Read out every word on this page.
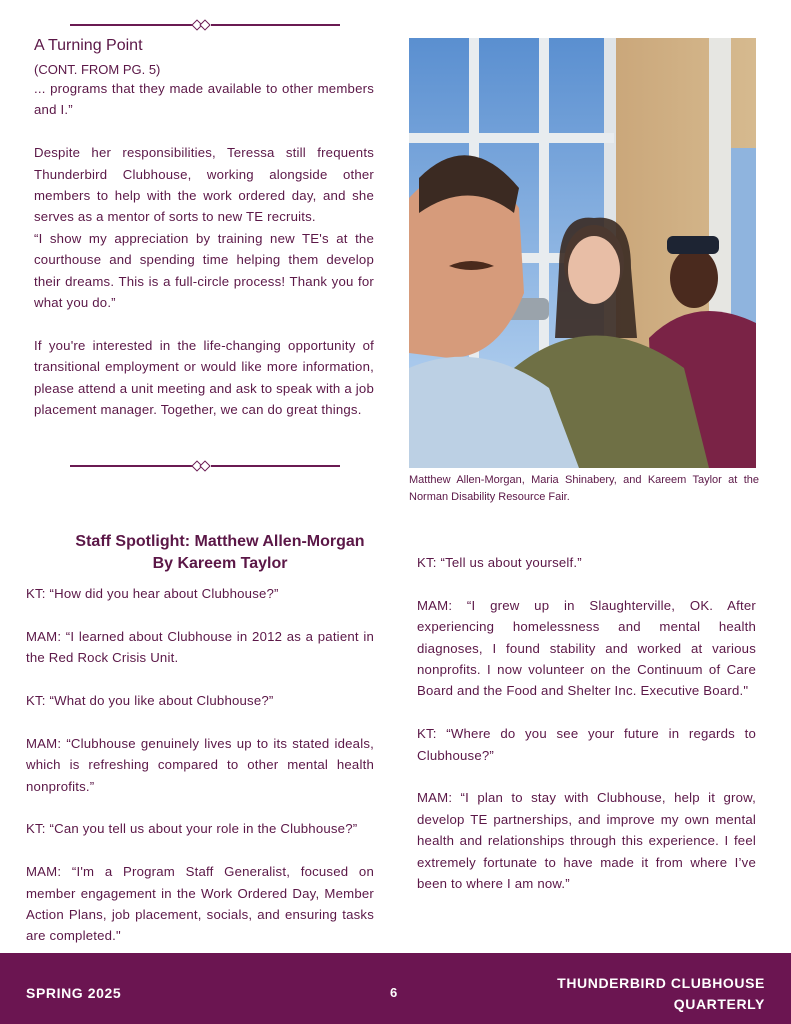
A Turning Point
(CONT. FROM PG. 5)

... programs that they made available to other members and I.”

Despite her responsibilities, Teressa still frequents Thunderbird Clubhouse, working alongside other members to help with the work ordered day, and she serves as a mentor of sorts to new TE recruits.

“I show my appreciation by training new TE's at the courthouse and spending time helping them develop their dreams. This is a full-circle process! Thank you for what you do.”

If you're interested in the life-changing opportunity of transitional employment or would like more information, please attend a unit meeting and ask to speak with a job placement manager. Together, we can do great things.

Matthew Allen-Morgan, Maria Shinabery, and Kareem Taylor at the Norman Disability Resource Fair.
Staff Spotlight: Matthew Allen-Morgan
By Kareem Taylor

KT: “How did you hear about Clubhouse?”

MAM: “I learned about Clubhouse in 2012 as a patient in the Red Rock Crisis Unit.

KT: “What do you like about Clubhouse?”

MAM: “Clubhouse genuinely lives up to its stated ideals, which is refreshing compared to other mental health nonprofits.”

KT: “Can you tell us about your role in the Clubhouse?”

MAM: “I'm a Program Staff Generalist, focused on member engagement in the Work Ordered Day, Member Action Plans, job placement, socials, and ensuring tasks are completed."

KT: “Tell us about yourself.”

MAM: “I grew up in Slaughterville, OK. After experiencing homelessness and mental health diagnoses, I found stability and worked at various nonprofits. I now volunteer on the Continuum of Care Board and the Food and Shelter Inc. Executive Board."

KT: “Where do you see your future in regards to Clubhouse?”

MAM: “I plan to stay with Clubhouse, help it grow, develop TE partnerships, and improve my own mental health and relationships through this experience. I feel extremely fortunate to have made it from where I’ve been to where I am now.”

SPRING 2025	6
THUNDERBIRD CLUBHOUSE
QUARTERLY
